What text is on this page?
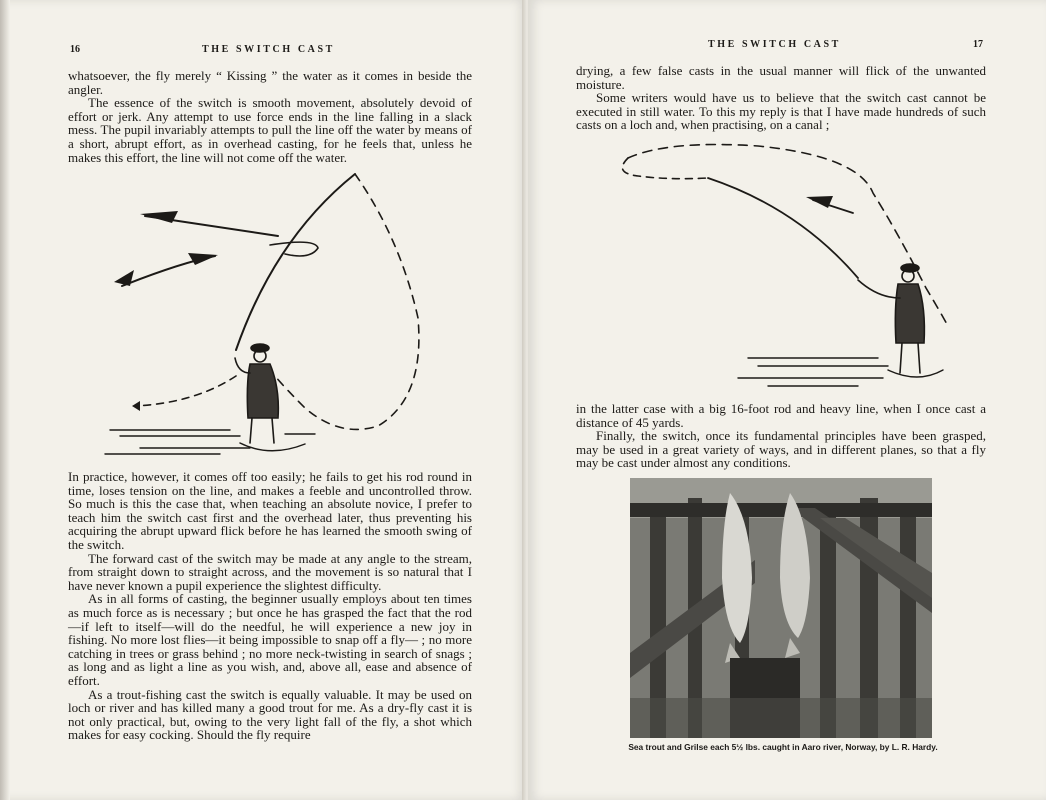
16	THE SWITCH CAST

whatsoever, the fly merely “ Kissing ” the water as it comes in beside the angler.

The essence of the switch is smooth movement, absolutely devoid of effort or jerk. Any attempt to use force ends in the line falling in a slack mess. The pupil invariably attempts to pull the line off the water by means of a short, abrupt effort, as in overhead casting, for he feels that, unless he makes this effort, the line will not come off the water.

In practice, however, it comes off too easily; he fails to get his rod round in time, loses tension on the line, and makes a feeble and uncontrolled throw. So much is this the case that, when teaching an absolute novice, I prefer to teach him the switch cast first and the overhead later, thus preventing his acquiring the abrupt upward flick before he has learned the smooth swing of the switch.

The forward cast of the switch may be made at any angle to the stream, from straight down to straight across, and the movement is so natural that I have never known a pupil experience the slightest difficulty.

As in all forms of casting, the beginner usually employs about ten times as much force as is necessary ; but once he has grasped the fact that the rod—if left to itself—will do the needful, he will experience a new joy in fishing. No more lost flies—it being impossible to snap off a fly— ; no more catching in trees or grass behind ; no more neck-twisting in search of snags ; as long and as light a line as you wish, and, above all, ease and absence of effort.

As a trout-fishing cast the switch is equally valuable. It may be used on loch or river and has killed many a good trout for me. As a dry-fly cast it is not only practical, but, owing to the very light fall of the fly, a shot which makes for easy cocking. Should the fly require

THE SWITCH CAST	17

drying, a few false casts in the usual manner will flick of the unwanted moisture.

Some writers would have us to believe that the switch cast cannot be executed in still water. To this my reply is that I have made hundreds of such casts on a loch and, when practising, on a canal ;

in the latter case with a big 16-foot rod and heavy line, when I once cast a distance of 45 yards.

Finally, the switch, once its fundamental principles have been grasped, may be used in a great variety of ways, and in different planes, so that a fly may be cast under almost any conditions.

Sea trout and Grilse each 5½ lbs. caught in Aaro river, Norway, by L. R. Hardy.
